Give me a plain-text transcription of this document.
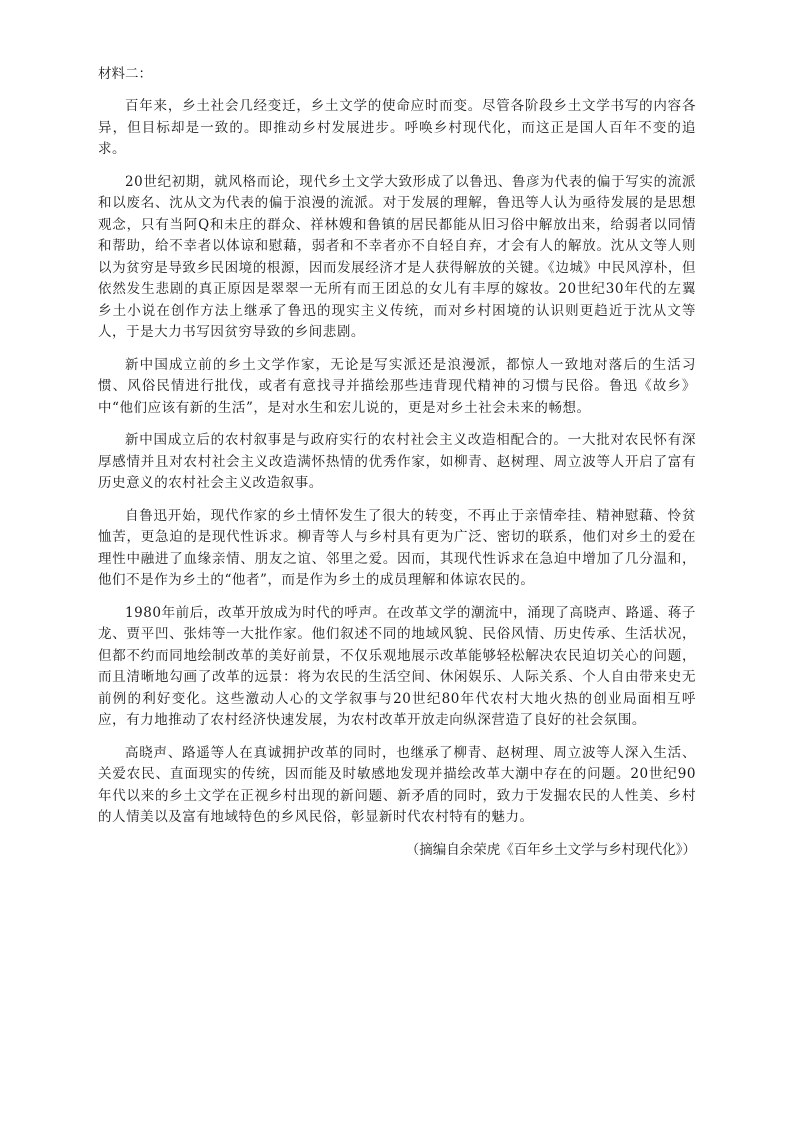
材料二：

百年来，乡土社会几经变迁，乡土文学的使命应时而变。尽管各阶段乡土文学书写的内容各异，但目标却是一致的。即推动乡村发展进步。呼唤乡村现代化，而这正是国人百年不变的追求。

20世纪初期，就风格而论，现代乡土文学大致形成了以鲁迅、鲁彦为代表的偏于写实的流派和以废名、沈从文为代表的偏于浪漫的流派。对于发展的理解，鲁迅等人认为亟待发展的是思想观念，只有当阿Q和未庄的群众、祥林嫂和鲁镇的居民都能从旧习俗中解放出来，给弱者以同情和帮助，给不幸者以体谅和慰藉，弱者和不幸者亦不自轻自弃，才会有人的解放。沈从文等人则以为贫穷是导致乡民困境的根源，因而发展经济才是人获得解放的关键。《边城》中民风淳朴，但依然发生悲剧的真正原因是翠翠一无所有而王团总的女儿有丰厚的嫁妆。20世纪30年代的左翼乡土小说在创作方法上继承了鲁迅的现实主义传统，而对乡村困境的认识则更趋近于沈从文等人，于是大力书写因贫穷导致的乡间悲剧。

新中国成立前的乡土文学作家，无论是写实派还是浪漫派，都惊人一致地对落后的生活习惯、风俗民情进行批伐，或者有意找寻并描绘那些违背现代精神的习惯与民俗。鲁迅《故乡》中“他们应该有新的生活”，是对水生和宏儿说的，更是对乡土社会未来的畅想。

新中国成立后的农村叙事是与政府实行的农村社会主义改造相配合的。一大批对农民怀有深厚感情并且对农村社会主义改造满怀热情的优秀作家，如柳青、赵树理、周立波等人开启了富有历史意义的农村社会主义改造叙事。

自鲁迅开始，现代作家的乡土情怀发生了很大的转变，不再止于亲情牵挂、精神慰藉、怜贫恤苦，更急迫的是现代性诉求。柳青等人与乡村具有更为广泛、密切的联系，他们对乡土的爱在理性中融进了血缘亲情、朋友之谊、邻里之爱。因而，其现代性诉求在急迫中增加了几分温和，他们不是作为乡土的“他者”，而是作为乡土的成员理解和体谅农民的。

1980年前后，改革开放成为时代的呼声。在改革文学的潮流中，涌现了高晓声、路遥、蒋子龙、贾平凹、张炜等一大批作家。他们叙述不同的地域风貌、民俗风情、历史传承、生活状况，但都不约而同地绘制改革的美好前景，不仅乐观地展示改革能够轻松解决农民迫切关心的问题，而且清晰地勾画了改革的远景：将为农民的生活空间、休闲娱乐、人际关系、个人自由带来史无前例的利好变化。这些激动人心的文学叙事与20世纪80年代农村大地火热的创业局面相互呼应，有力地推动了农村经济快速发展，为农村改革开放走向纵深营造了良好的社会氛围。

高晓声、路遥等人在真诚拥护改革的同时，也继承了柳青、赵树理、周立波等人深入生活、关爱农民、直面现实的传统，因而能及时敏感地发现并描绘改革大潮中存在的问题。20世纪90年代以来的乡土文学在正视乡村出现的新问题、新矛盾的同时，致力于发掘农民的人性美、乡村的人情美以及富有地域特色的乡风民俗，彰显新时代农村特有的魅力。

（摘编自余荣虎《百年乡土文学与乡村现代化》）
